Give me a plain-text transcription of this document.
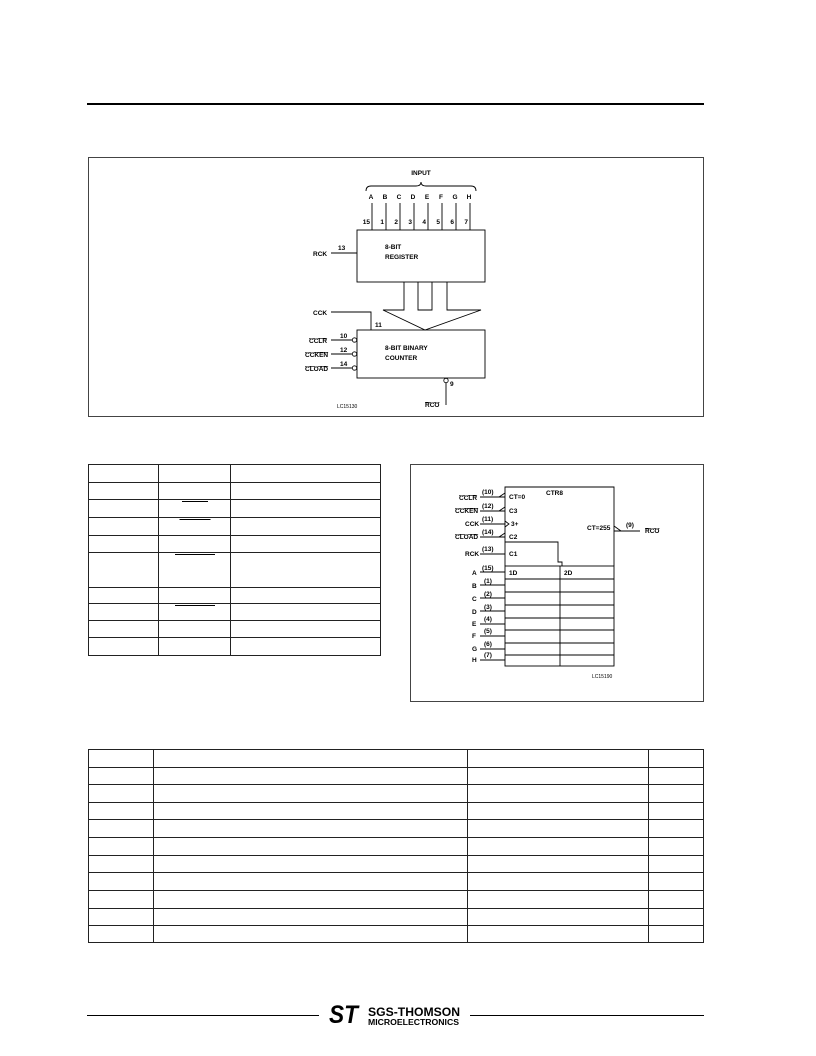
INPUT
A B C D E F G H
15 1 2 3 4 5 6 7
8-BIT
REGISTER
RCK
13
CCK
11
8-BIT BINARY
COUNTER
CCLR
10
CCKEN
12
CLOAD
14
9
RCO
LC15130
CTR8
(10)
CCLR	CT=0
(12)
CCKEN	C3
(11)
CCK	3+
(14)
CLOAD	C2
(13)
RCK	C1
CT=255 (9)
RCO
1D	2D
(15)
A
(1)
B
(2)
C
(3)
D
(4)
E
(5)
F
(6)
G
(7)
H
LC15190
ST SGS-THOMSON
MICROELECTRONICS
